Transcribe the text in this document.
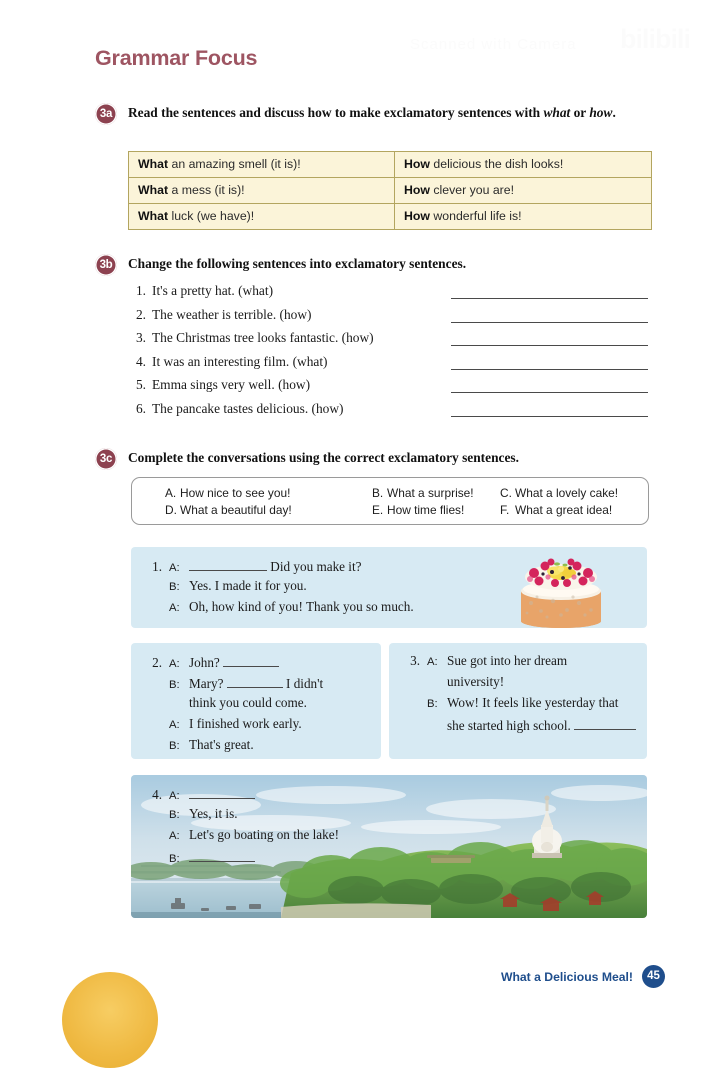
Scanned with Camera bilibili
Grammar Focus
3a	Read the sentences and discuss how to make exclamatory sentences with what or how.
What an amazing smell (it is)!	How delicious the dish looks!
What a mess (it is)!	How clever you are!
What luck (we have)!	How wonderful life is!
3b	Change the following sentences into exclamatory sentences.
1. It's a pretty hat. (what)
2. The weather is terrible. (how)
3. The Christmas tree looks fantastic. (how)
4. It was an interesting film. (what)
5. Emma sings very well. (how)
6. The pancake tastes delicious. (how)
3c	Complete the conversations using the correct exclamatory sentences.
A. How nice to see you!	B. What a surprise! C. What a lovely cake!
D. What a beautiful day!	E. How time flies!	F. What a great idea!
1. A:	Did you make it?
B: Yes. I made it for you.
A: Oh, how kind of you! Thank you so much.
2. A: John?
B: Mary?	I didn't
think you could come.
A: I finished work early.
B: That's great.
3. A: Sue got into her dream
university!
B: Wow! It feels like yesterday that
she started high school.
4. A:
B: Yes, it is.
A: Let's go boating on the lake!
B:
What a Delicious Meal!	45
